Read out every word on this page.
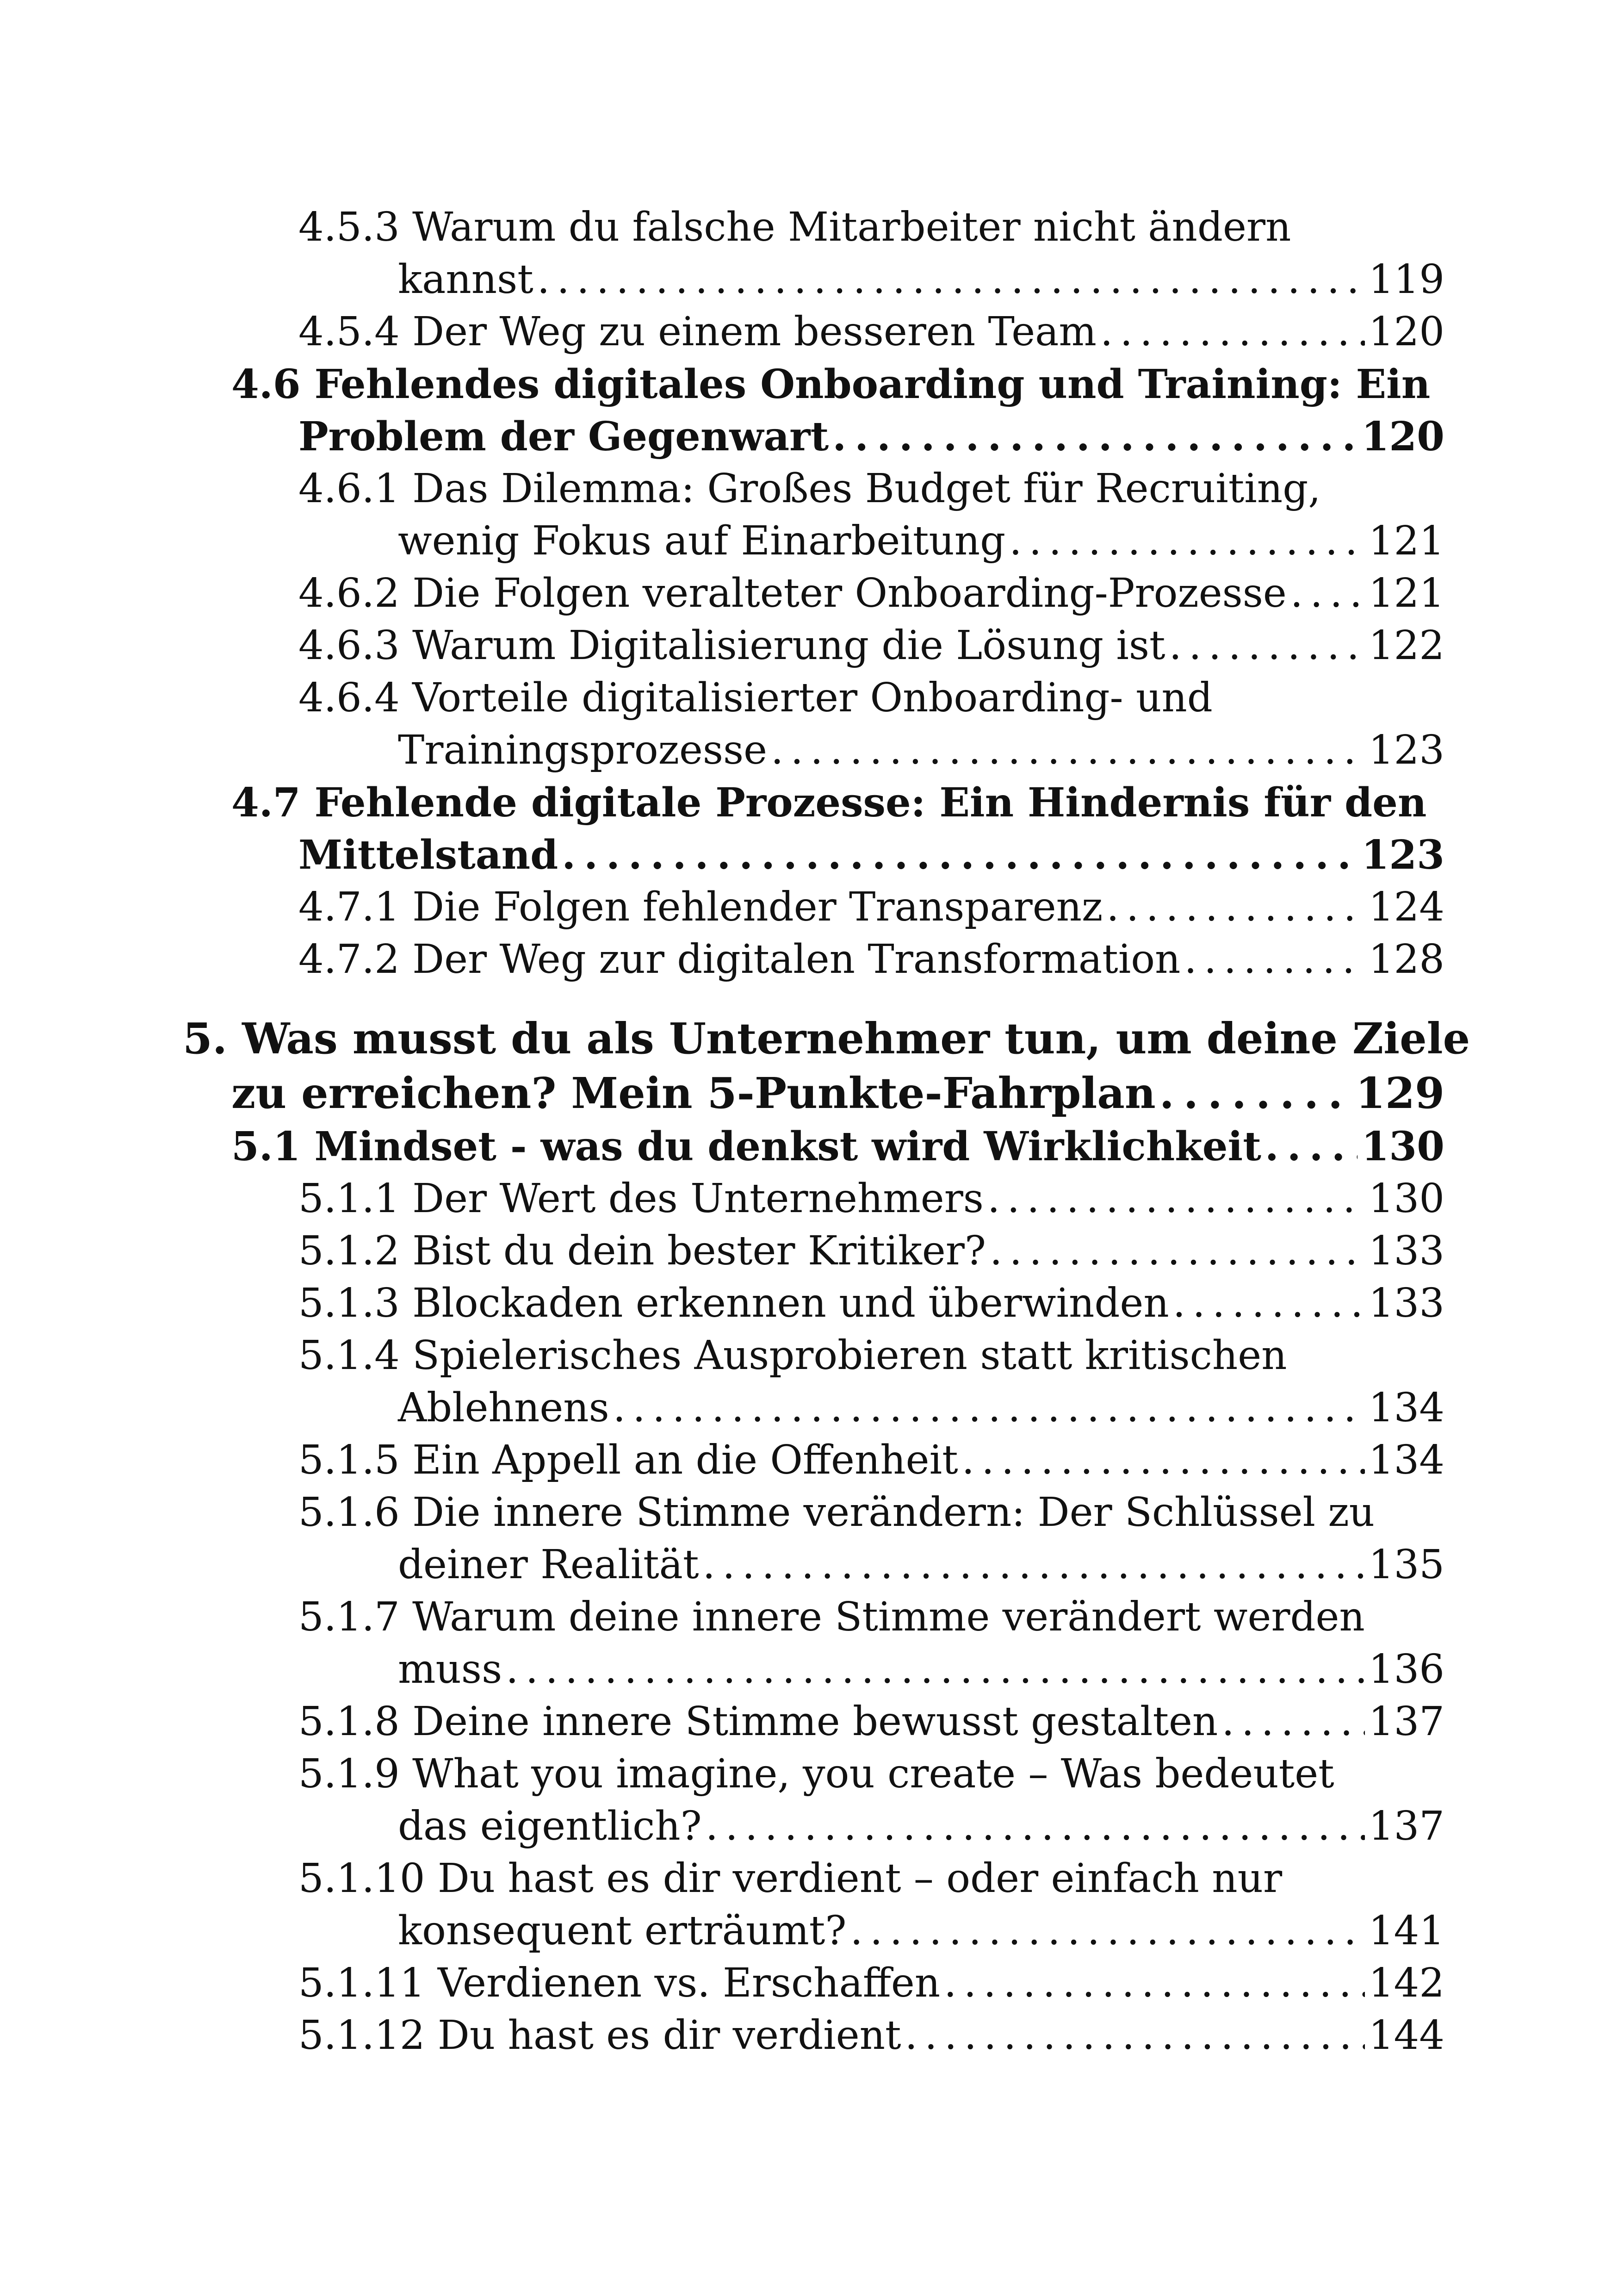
4.5.3 Warum du falsche Mitarbeiter nicht ändern
kannst . . .	119
4.5.4 Der Weg zu einem besseren Team . . .	120
4.6 Fehlendes digitales Onboarding und Training: Ein
Problem der Gegenwart . . .	120
4.6.1 Das Dilemma: Großes Budget für Recruiting,
wenig Fokus auf Einarbeitung . . .	121
4.6.2 Die Folgen veralteter Onboarding-Prozesse . . . 121
4.6.3 Warum Digitalisierung die Lösung ist . . .	122
4.6.4 Vorteile digitalisierter Onboarding- und
Trainingsprozesse . . .	123
4.7 Fehlende digitale Prozesse: Ein Hindernis für den
Mittelstand . . .	123
4.7.1 Die Folgen fehlender Transparenz . . .	124
4.7.2 Der Weg zur digitalen Transformation . . .	128
5. Was musst du als Unternehmer tun, um deine Ziele
zu erreichen? Mein 5-Punkte-Fahrplan . . .	129
5.1 Mindset - was du denkst wird Wirklichkeit . . .	130
5.1.1 Der Wert des Unternehmers . . .	130
5.1.2 Bist du dein bester Kritiker? . . .	133
5.1.3 Blockaden erkennen und überwinden . . .	133
5.1.4 Spielerisches Ausprobieren statt kritischen
Ablehnens . . .	134
5.1.5 Ein Appell an die Offenheit . . .	134
5.1.6 Die innere Stimme verändern: Der Schlüssel zu
deiner Realität . . .	135
5.1.7 Warum deine innere Stimme verändert werden
muss . . .	136
5.1.8 Deine innere Stimme bewusst gestalten . . .	137
5.1.9 What you imagine, you create – Was bedeutet
das eigentlich? . . .	137
5.1.10 Du hast es dir verdient – oder einfach nur
konsequent erträumt? . . .	141
5.1.11 Verdienen vs. Erschaffen . . .	142
5.1.12 Du hast es dir verdient . . .	144
